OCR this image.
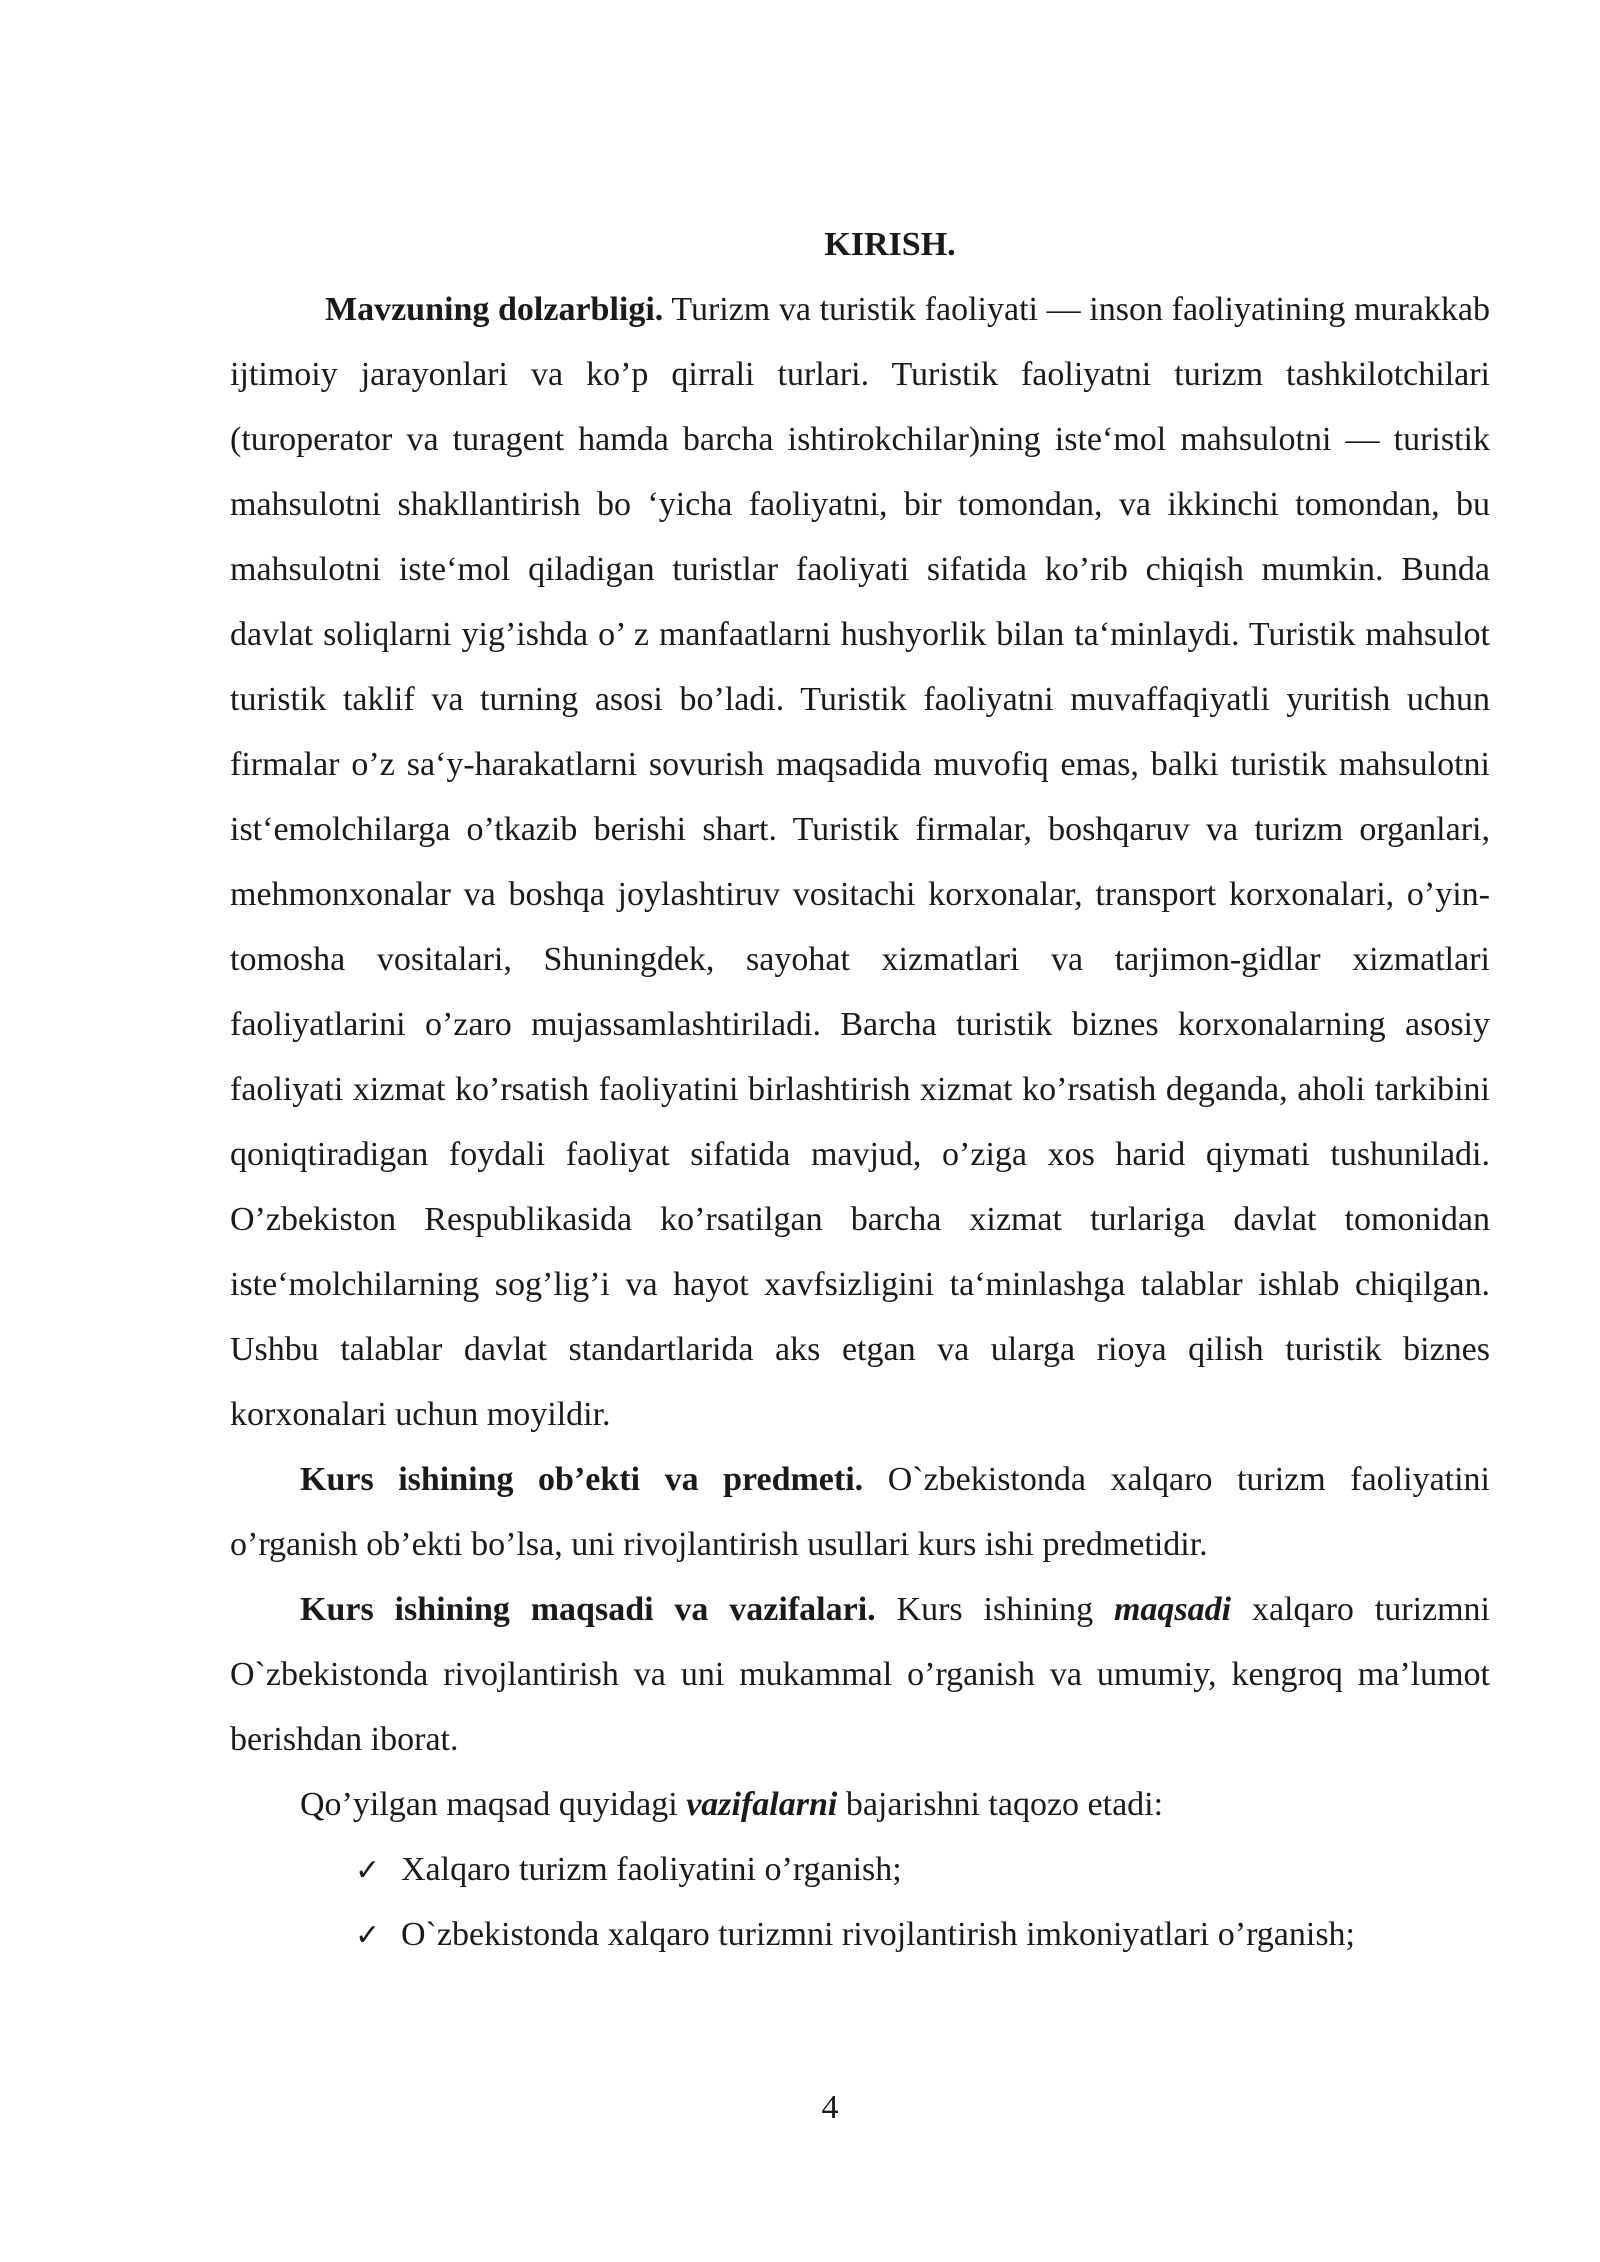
KIRISH.

Mavzuning dolzarbligi. Turizm va turistik faoliyati — inson faoliyatining murakkab ijtimoiy jarayonlari va ko’p qirrali turlari. Turistik faoliyatni turizm tashkilotchilari (turoperator va turagent hamda barcha ishtirokchilar)ning iste‘mol mahsulotni — turistik mahsulotni shakllantirish bo ‘yicha faoliyatni, bir tomondan, va ikkinchi tomondan, bu mahsulotni iste‘mol qiladigan turistlar faoliyati sifatida ko’rib chiqish mumkin. Bunda davlat soliqlarni yig’ishda o’ z manfaatlarni hushyorlik bilan ta‘minlaydi. Turistik mahsulot turistik taklif va turning asosi bo’ladi. Turistik faoliyatni muvaffaqiyatli yuritish uchun firmalar o’z sa‘y-harakatlarni sovurish maqsadida muvofiq emas, balki turistik mahsulotni ist‘emolchilarga o’tkazib berishi shart. Turistik firmalar, boshqaruv va turizm organlari, mehmonxonalar va boshqa joylashtiruv vositachi korxonalar, transport korxonalari, o’yin-tomosha vositalari, Shuningdek, sayohat xizmatlari va tarjimon-gidlar xizmatlari faoliyatlarini o’zaro mujassamlashtiriladi. Barcha turistik biznes korxonalarning asosiy faoliyati xizmat ko’rsatish faoliyatini birlashtirish xizmat ko’rsatish deganda, aholi tarkibini qoniqtiradigan foydali faoliyat sifatida mavjud, o’ziga xos harid qiymati tushuniladi. O’zbekiston Respublikasida ko’rsatilgan barcha xizmat turlariga davlat tomonidan iste‘molchilarning sog’lig’i va hayot xavfsizligini ta‘minlashga talablar ishlab chiqilgan. Ushbu talablar davlat standartlarida aks etgan va ularga rioya qilish turistik biznes korxonalari uchun moyildir.

Kurs ishining ob’ekti va predmeti. O`zbekistonda xalqaro turizm faoliyatini o’rganish ob’ekti bo’lsa, uni rivojlantirish usullari kurs ishi predmetidir.

Kurs ishining maqsadi va vazifalari. Kurs ishining maqsadi xalqaro turizmni O`zbekistonda rivojlantirish va uni mukammal o’rganish va umumiy, kengroq ma’lumot berishdan iborat.

Qo’yilgan maqsad quyidagi vazifalarni bajarishni taqozo etadi:

✓ Xalqaro turizm faoliyatini o’rganish;
✓ O`zbekistonda xalqaro turizmni rivojlantirish imkoniyatlari o’rganish;
4
